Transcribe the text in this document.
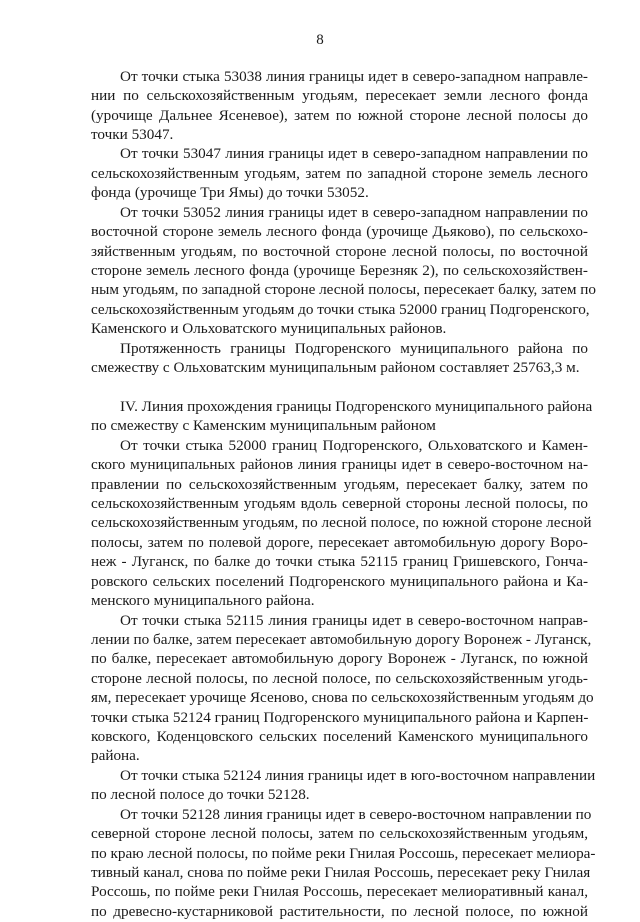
8
От точки стыка 53038 линия границы идет в северо-западном направле-
нии по сельскохозяйственным угодьям, пересекает земли лесного фонда
(урочище Дальнее Ясеневое), затем по южной стороне лесной полосы до
точки 53047.
От точки 53047 линия границы идет в северо-западном направлении по
сельскохозяйственным угодьям, затем по западной стороне земель лесного
фонда (урочище Три Ямы) до точки 53052.
От точки 53052 линия границы идет в северо-западном направлении по
восточной стороне земель лесного фонда (урочище Дьяково), по сельскохо-
зяйственным угодьям, по восточной стороне лесной полосы, по восточной
стороне земель лесного фонда (урочище Березняк 2), по сельскохозяйствен-
ным угодьям, по западной стороне лесной полосы, пересекает балку, затем по
сельскохозяйственным угодьям до точки стыка 52000 границ Подгоренского,
Каменского и Ольховатского муниципальных районов.
Протяженность границы Подгоренского муниципального района по
смежеству с Ольховатским муниципальным районом составляет 25763,3 м.
IV. Линия прохождения границы Подгоренского муниципального района
по смежеству с Каменским муниципальным районом
От точки стыка 52000 границ Подгоренского, Ольховатского и Камен-
ского муниципальных районов линия границы идет в северо-восточном на-
правлении по сельскохозяйственным угодьям, пересекает балку, затем по
сельскохозяйственным угодьям вдоль северной стороны лесной полосы, по
сельскохозяйственным угодьям, по лесной полосе, по южной стороне лесной
полосы, затем по полевой дороге, пересекает автомобильную дорогу Воро-
неж - Луганск, по балке до точки стыка 52115 границ Гришевского, Гонча-
ровского сельских поселений Подгоренского муниципального района и Ка-
менского муниципального района.
От точки стыка 52115 линия границы идет в северо-восточном направ-
лении по балке, затем пересекает автомобильную дорогу Воронеж - Луганск,
по балке, пересекает автомобильную дорогу Воронеж - Луганск, по южной
стороне лесной полосы, по лесной полосе, по сельскохозяйственным угодь-
ям, пересекает урочище Ясеново, снова по сельскохозяйственным угодьям до
точки стыка 52124 границ Подгоренского муниципального района и Карпен-
ковского, Коденцовского сельских поселений Каменского муниципального
района.
От точки стыка 52124 линия границы идет в юго-восточном направлении
по лесной полосе до точки 52128.
От точки 52128 линия границы идет в северо-восточном направлении по
северной стороне лесной полосы, затем по сельскохозяйственным угодьям,
по краю лесной полосы, по пойме реки Гнилая Россошь, пересекает мелиора-
тивный канал, снова по пойме реки Гнилая Россошь, пересекает реку Гнилая
Россошь, по пойме реки Гнилая Россошь, пересекает мелиоративный канал,
по древесно-кустарниковой растительности, по лесной полосе, по южной
